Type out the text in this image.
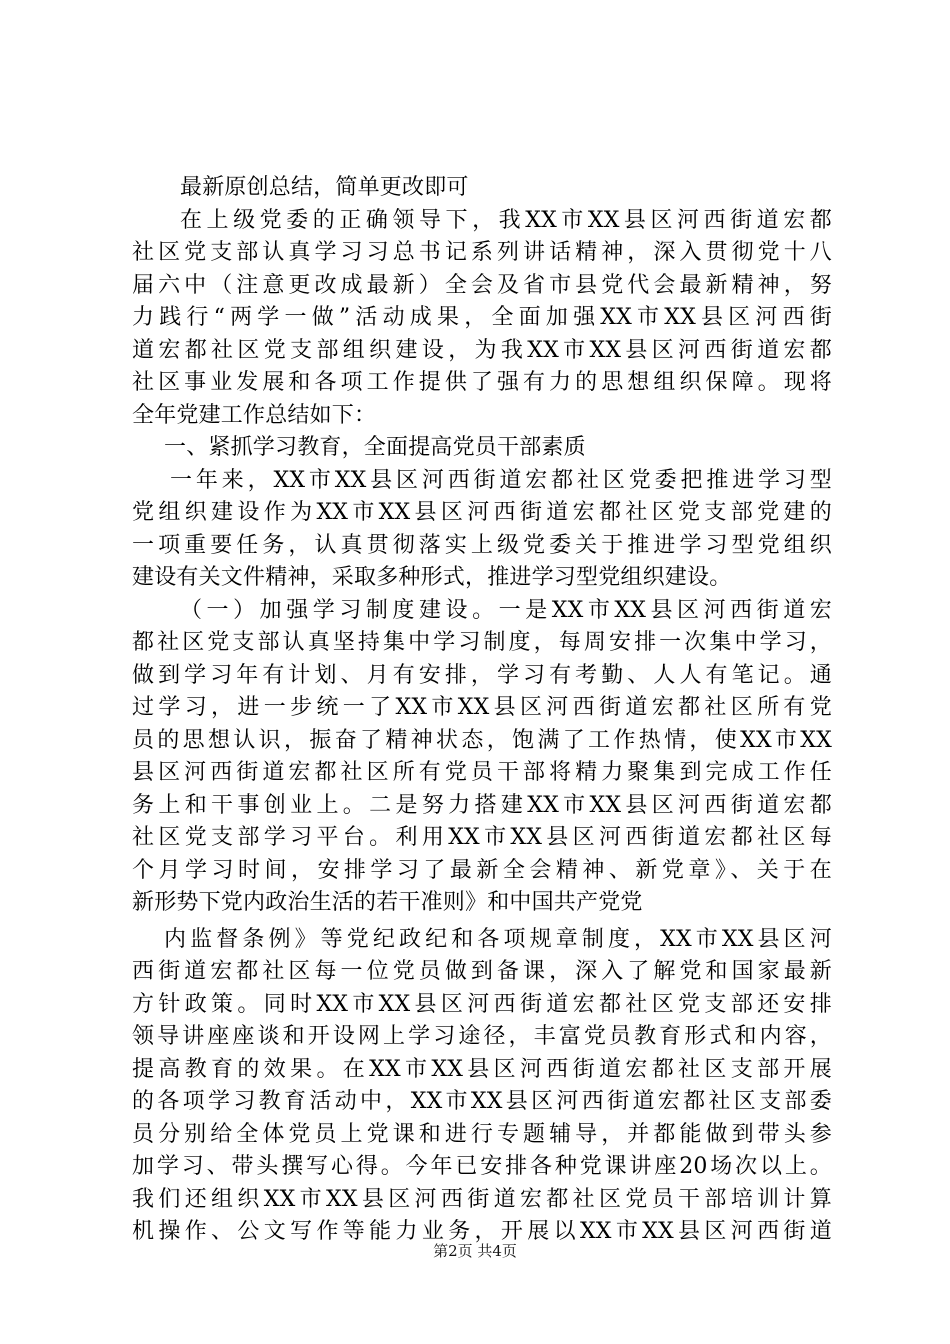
最新原创总结，简单更改即可
在上级党委的正确领导下，我XX市XX县区河西街道宏都
社区党支部认真学习习总书记系列讲话精神，深入贯彻党十八
届六中（注意更改成最新）全会及省市县党代会最新精神，努
力践行“两学一做”活动成果，全面加强XX市XX县区河西街
道宏都社区党支部组织建设，为我XX市XX县区河西街道宏都
社区事业发展和各项工作提供了强有力的思想组织保障。现将
全年党建工作总结如下：
一、紧抓学习教育，全面提高党员干部素质
一年来，XX市XX县区河西街道宏都社区党委把推进学习型
党组织建设作为XX市XX县区河西街道宏都社区党支部党建的
一项重要任务，认真贯彻落实上级党委关于推进学习型党组织
建设有关文件精神，采取多种形式，推进学习型党组织建设。
（一）加强学习制度建设。一是XX市XX县区河西街道宏
都社区党支部认真坚持集中学习制度，每周安排一次集中学习，
做到学习年有计划、月有安排，学习有考勤、人人有笔记。通
过学习，进一步统一了XX市XX县区河西街道宏都社区所有党
员的思想认识，振奋了精神状态，饱满了工作热情，使XX市XX
县区河西街道宏都社区所有党员干部将精力聚集到完成工作任
务上和干事创业上。二是努力搭建XX市XX县区河西街道宏都
社区党支部学习平台。利用XX市XX县区河西街道宏都社区每
个月学习时间，安排学习了最新全会精神、新党章》、关于在
新形势下党内政治生活的若干准则》和中国共产党党
内监督条例》等党纪政纪和各项规章制度，XX市XX县区河
西街道宏都社区每一位党员做到备课，深入了解党和国家最新
方针政策。同时XX市XX县区河西街道宏都社区党支部还安排
领导讲座座谈和开设网上学习途径，丰富党员教育形式和内容，
提高教育的效果。在XX市XX县区河西街道宏都社区支部开展
的各项学习教育活动中，XX市XX县区河西街道宏都社区支部委
员分别给全体党员上党课和进行专题辅导，并都能做到带头参
加学习、带头撰写心得。今年已安排各种党课讲座20场次以上。
我们还组织XX市XX县区河西街道宏都社区党员干部培训计算
机操作、公文写作等能力业务，开展以XX市XX县区河西街道
第2页 共4页
